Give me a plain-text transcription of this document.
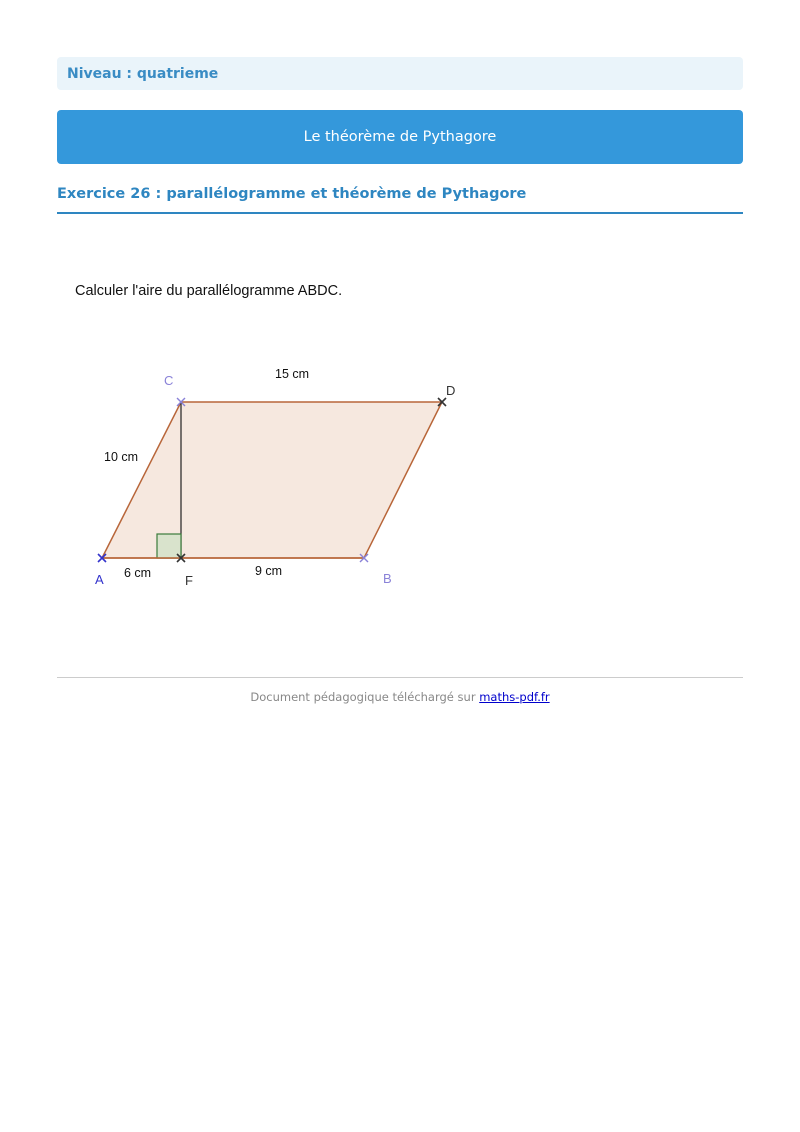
Niveau : quatrieme
Le théorème de Pythagore
Exercice 26 : parallélogramme et théorème de Pythagore
Calculer l'aire du parallélogramme ABDC.
C
D
A	F	B
15 cm
10 cm
6 cm	9 cm
Document pédagogique téléchargé sur maths-pdf.fr
